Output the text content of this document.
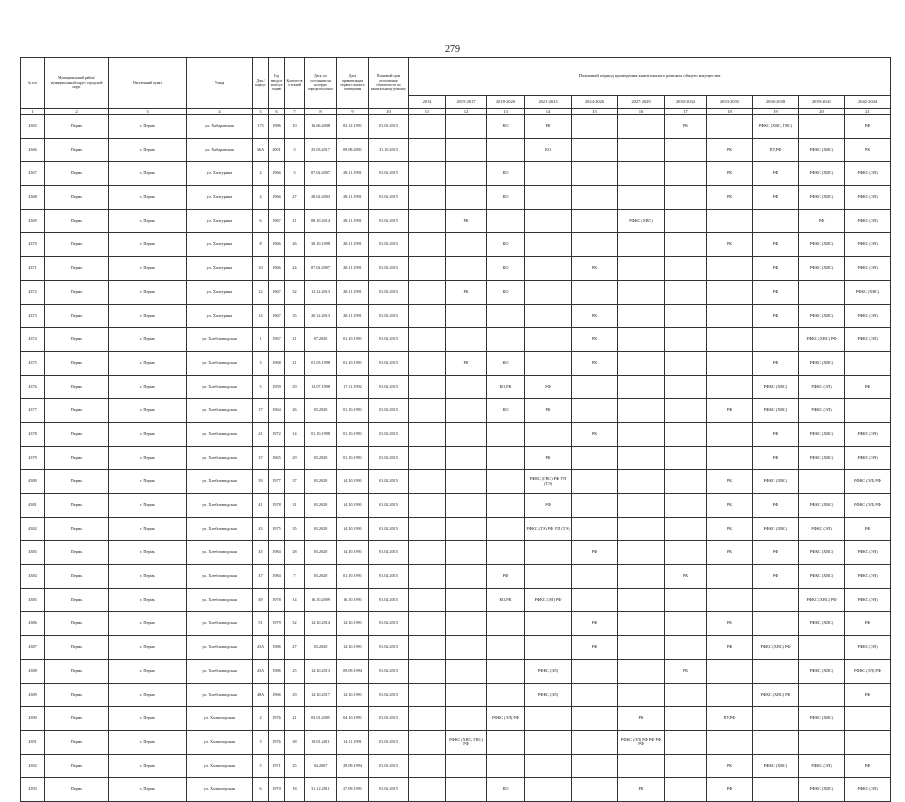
279
№ п/п	Муниципальный район/ муниципальный округ/ городской округ	Населенный пункт	Улица	Дом / корпус	Год ввода в эксплуатацию	Количество этажей	Дата, по состоянию на которую определен износ	Дата приватизации первого жилого помещения	Плановый срок исполнения обязательств по капитальному ремонту	Плановый период проведения капитального ремонта общего имущества										
										2014	2015-2017	2018-2020	2021-2023	2024-2026	2027-2029	2030-2032	2033-2035	2036-2038	2039-2041	2042-2044
1	2	3	4	5	6	7	8	9	10	11	12	13	14	15	16	17	18	19	20	21
4365	Пермь	г. Пермь	ул. Хабаровская	173	1986	10	16.06.2008	03.12.1991	01.02.2015			КО	РК			РК		РФКС (ХВС, ГВС)		РФ
4366	Пермь	г. Пермь	ул. Хабаровская	36А	2001	5	25.03.2017	09.08.2001	31.10.2015				КО				РК	ПУ,РФ	РФКС (ХВС)	РК
4367	Пермь	г. Пермь	ул. Халтурина	2	1966	5	07.02.2007	28.11.1991	01.02.2015			КО					РК	РФ	РФКС (ХВС)	РФКС (ЭЛ)
4368	Пермь	г. Пермь	ул. Халтурина	4	1966	27	28.02.2003	28.11.1991	01.02.2015			КО					РК	РФ	РФКС (ХВС)	РФКС (ЭЛ)
4369	Пермь	г. Пермь	ул. Халтурина	6	1967	21	08.10.2014	28.11.1991	01.02.2015		РК				РФКС (ХВС)				РФ	РФКС (ЭЛ)
4370	Пермь	г. Пермь	ул. Халтурина	8	1966	26	30.10.1998	28.11.1991	01.02.2015			КО					РК	РФ	РФКС (ХВС)	РФКС (ЭЛ)
4371	Пермь	г. Пермь	ул. Халтурина	10	1966	24	07.02.2007	28.11.1991	01.02.2015			КО		РК				РФ	РФКС (ХВС)	РФКС (ЭЛ)
4372	Пермь	г. Пермь	ул. Халтурина	12	1967	32	13.12.2013	28.11.1991	01.02.2015		РК	КО						РФ		РФКС (ХВС)
4373	Пермь	г. Пермь	ул. Халтурина	14	1967	35	20.12.2013	28.11.1991	01.02.2015					РК				РФ	РФКС (ХВС)	РФКС (ЭЛ)
4374	Пермь	г. Пермь	ул. Хлебозаводская	1	1967	21	07.2020	01.10.1991	01.02.2015					РК					РФКС (ХВС) РФ	РФКС (ЭЛ)
4375	Пермь	г. Пермь	ул. Хлебозаводская	3	1968	21	01.03.1998	01.10.1991	01.02.2015		РК	КО		РК				РФ	РФКС (ХВС)	
4376	Пермь	г. Пермь	ул. Хлебозаводская	5	1959	29	13.07.1998	17.11.1992	01.02.2015			КО,РК	РФ					РФКС (ХВС)	РФКС (ЭЛ)	РФ
4377	Пермь	г. Пермь	ул. Хлебозаводская	17	1964	26	03.2020	01.10.1991	01.02.2015			КО	РК				РФ	РФКС (ХВС)	РФКС (ЭЛ)	
4378	Пермь	г. Пермь	ул. Хлебозаводская	21	1972	14	01.10.1998	01.10.1991	01.02.2015					РК				РФ	РФКС (ХВС)	РФКС (ЭЛ)
4379	Пермь	г. Пермь	ул. Хлебозаводская	37	1965	29	03.2020	01.10.1991	01.02.2015				РК					РФ	РФКС (ХВС)	РФКС (ЭЛ)
4380	Пермь	г. Пермь	ул. Хлебозаводская	39	1977	37	03.2020	14.10.1991	01.02.2015				РФКС (ГВС) РФ УП (ТЭ)				РК	РФКС (ХВС)		РФКС (ЭЛ) РФ
4381	Пермь	г. Пермь	ул. Хлебозаводская	41	1978	31	03.2020	14.10.1991	01.02.2015				РФ				РК	РФ	РФКС (ХВС)	РФКС (ЭЛ) РФ
4382	Пермь	г. Пермь	ул. Хлебозаводская	43	1975	35	03.2020	14.10.1991	01.02.2015				РФКС (ТЭ) РФ УП (ТЭ)				РК	РФКС (ХВС)	РФКС (ЭЛ)	РФ
4383	Пермь	г. Пермь	ул. Хлебозаводская	45	1984	28	03.2020	14.10.1991	01.02.2015					РФ			РК	РФ	РФКС (ХВС)	РФКС (ЭЛ)
4384	Пермь	г. Пермь	ул. Хлебозаводская	47	1984	7	03.2020	01.10.1991	01.02.2015			РФ				РК		РФ	РФКС (ХВС)	РФКС (ЭЛ)
4385	Пермь	г. Пермь	ул. Хлебозаводская	49	1978	14	16.10.2009	16.10.1991	01.02.2015			КО,РК	РФКС (ЭЛ) РФ						РФКС (ХВС) РФ	РФКС (ЭЛ)
4386	Пермь	г. Пермь	ул. Хлебозаводская	51	1979	32	14.10.2014	14.10.1991	01.02.2015					РФ			РК		РФКС (ХВС)	РФ
4387	Пермь	г. Пермь	ул. Хлебозаводская	43А	1986	27	03.2020	14.10.1991	01.02.2015					РФ			РФ	РФКС (ХВС) РФ		РФКС (ЭЛ)
4388	Пермь	г. Пермь	ул. Хлебозаводская	43А	1986	25	14.10.2013	09.09.1994	01.02.2015				РФКС (ЭЛ)			РК			РФКС (ХВС)	РФКС (ЭЛ) РФ
4389	Пермь	г. Пермь	ул. Хлебозаводская	48А	1966	29	14.10.2017	14.10.1991	01.02.2015				РФКС (ЭЛ)					РФКС (ХВС) РК		РФ
4390	Пермь	г. Пермь	ул. Холмогорская	2	1976	21	03.01.2005	04.10.1991	01.02.2015			РФКС (ЭЛ) РФ			РК		ПУ,РФ		РФКС (ХВС)	
4391	Пермь	г. Пермь	ул. Холмогорская	3	1976	38	18.01.2011	14.11.1991	01.02.2015		РФКС (ХВС, ГВС) РФ				РФКС (ЭЛ) РФ РФ РФ РФ					
4392	Пермь	г. Пермь	ул. Холмогорская	5	1971	25	04.2007	29.09.1994	01.02.2015								РК	РФКС (ХВС)	РФКС (ЭЛ)	РФ
4393	Пермь	г. Пермь	ул. Холмогорская	6	1970	18	31.12.2011	27.09.1991	01.02.2015			КО			РК		РФ		РФКС (ХВС)	РФКС (ЭЛ)
